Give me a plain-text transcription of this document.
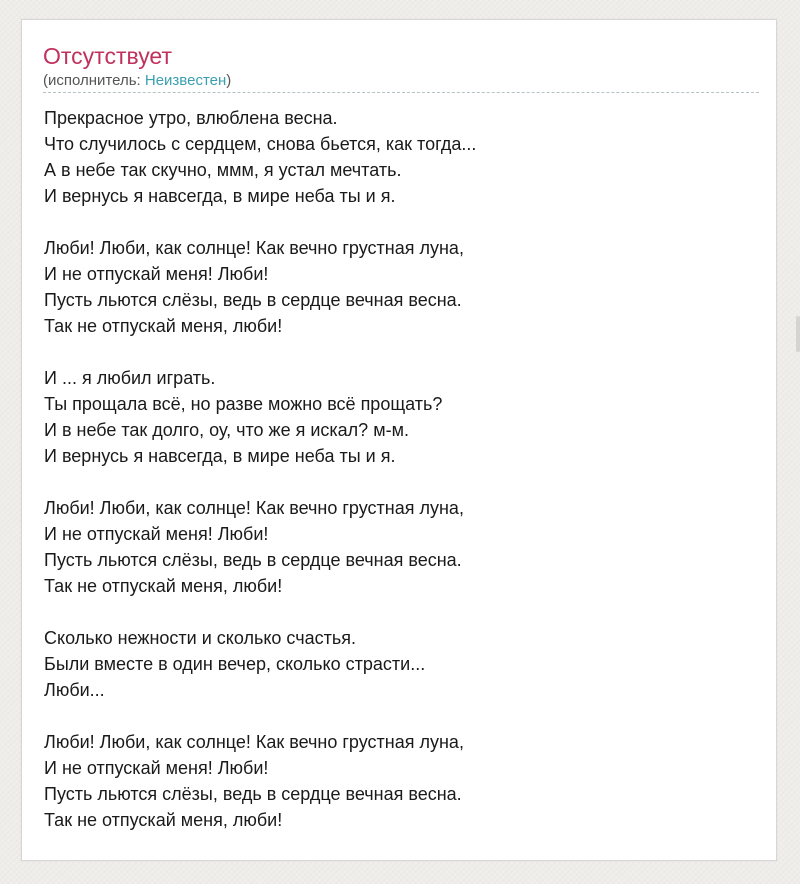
Отсутствует
(исполнитель: Неизвестен)
Прекрасное утро, влюблена весна.
Что случилось с сердцем, снова бьется, как тогда...
А в небе так скучно, ммм, я устал мечтать.
И вернусь я навсегда, в мире неба ты и я.
Люби! Люби, как солнце! Как вечно грустная луна,
И не отпускай меня! Люби!
Пусть льются слёзы, ведь в сердце вечная весна.
Так не отпускай меня, люби!
И ... я любил играть.
Ты прощала всё, но разве можно всё прощать?
И в небе так долго, оу, что же я искал? м-м.
И вернусь я навсегда, в мире неба ты и я.
Люби! Люби, как солнце! Как вечно грустная луна,
И не отпускай меня! Люби!
Пусть льются слёзы, ведь в сердце вечная весна.
Так не отпускай меня, люби!
Сколько нежности и сколько счастья.
Были вместе в один вечер, сколько страсти...
Люби...
Люби! Люби, как солнце! Как вечно грустная луна,
И не отпускай меня! Люби!
Пусть льются слёзы, ведь в сердце вечная весна.
Так не отпускай меня, люби!
